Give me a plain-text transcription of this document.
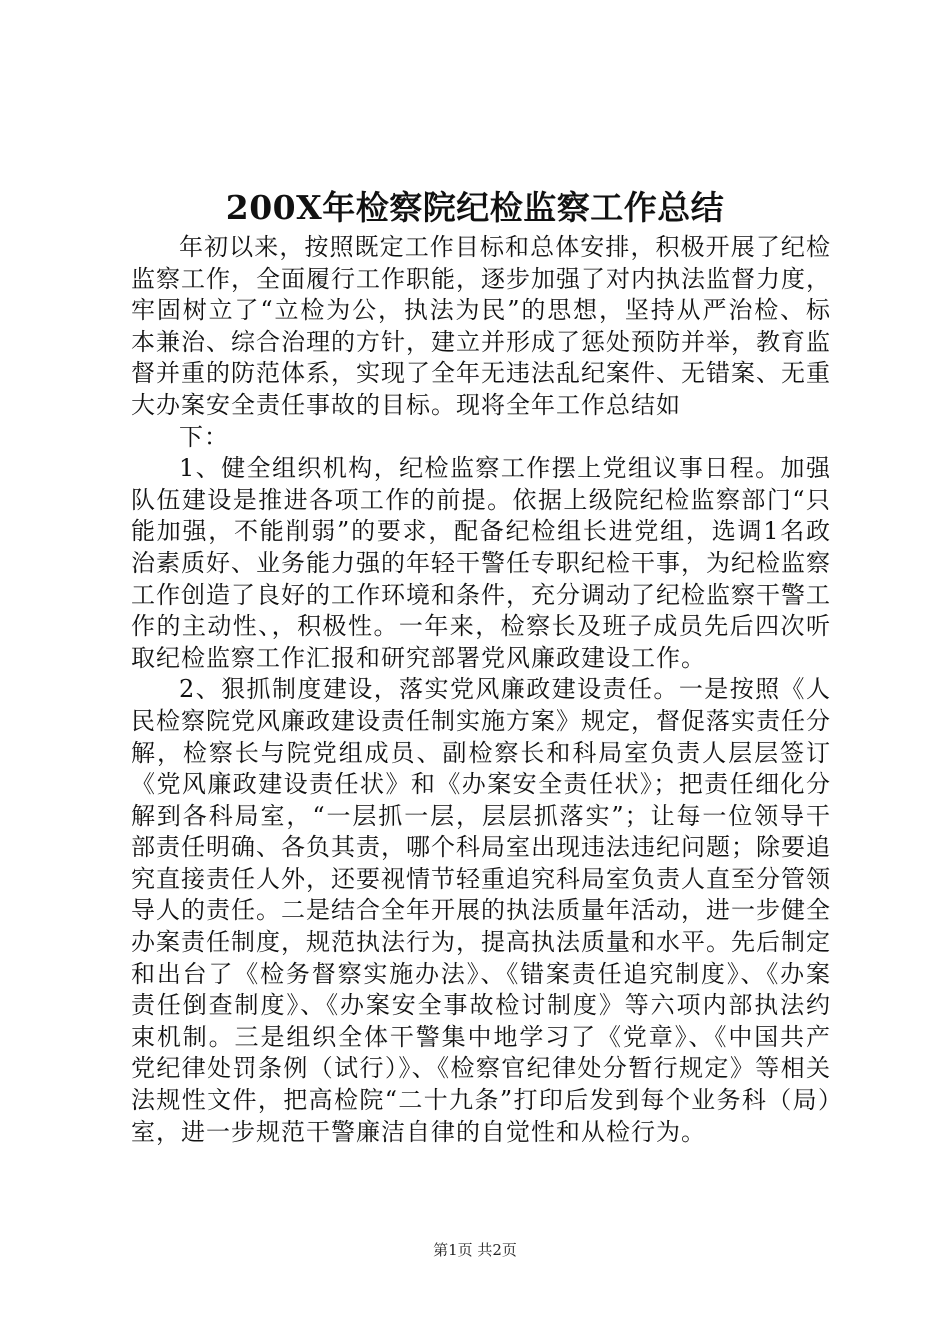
200X年检察院纪检监察工作总结

年初以来，按照既定工作目标和总体安排，积极开展了纪检监察工作，全面履行工作职能，逐步加强了对内执法监督力度，牢固树立了“立检为公，执法为民”的思想，坚持从严治检、标本兼治、综合治理的方针，建立并形成了惩处预防并举，教育监督并重的防范体系，实现了全年无违法乱纪案件、无错案、无重大办案安全责任事故的目标。现将全年工作总结如

下：

1、健全组织机构，纪检监察工作摆上党组议事日程。加强队伍建设是推进各项工作的前提。依据上级院纪检监察部门“只能加强，不能削弱”的要求，配备纪检组长进党组，选调1名政治素质好、业务能力强的年轻干警任专职纪检干事，为纪检监察工作创造了良好的工作环境和条件，充分调动了纪检监察干警工作的主动性、，积极性。一年来，检察长及班子成员先后四次听取纪检监察工作汇报和研究部署党风廉政建设工作。

2、狠抓制度建设，落实党风廉政建设责任。一是按照《人民检察院党风廉政建设责任制实施方案》规定，督促落实责任分解，检察长与院党组成员、副检察长和科局室负责人层层签订《党风廉政建设责任状》和《办案安全责任状》；把责任细化分解到各科局室，“一层抓一层，层层抓落实”；让每一位领导干部责任明确、各负其责，哪个科局室出现违法违纪问题；除要追究直接责任人外，还要视情节轻重追究科局室负责人直至分管领导人的责任。二是结合全年开展的执法质量年活动，进一步健全办案责任制度，规范执法行为，提高执法质量和水平。先后制定和出台了《检务督察实施办法》、《错案责任追究制度》、《办案责任倒查制度》、《办案安全事故检讨制度》等六项内部执法约束机制。三是组织全体干警集中地学习了《党章》、《中国共产党纪律处罚条例（试行）》、《检察官纪律处分暂行规定》等相关法规性文件，把高检院“二十九条”打印后发到每个业务科（局）室，进一步规范干警廉洁自律的自觉性和从检行为。

第1页 共2页
